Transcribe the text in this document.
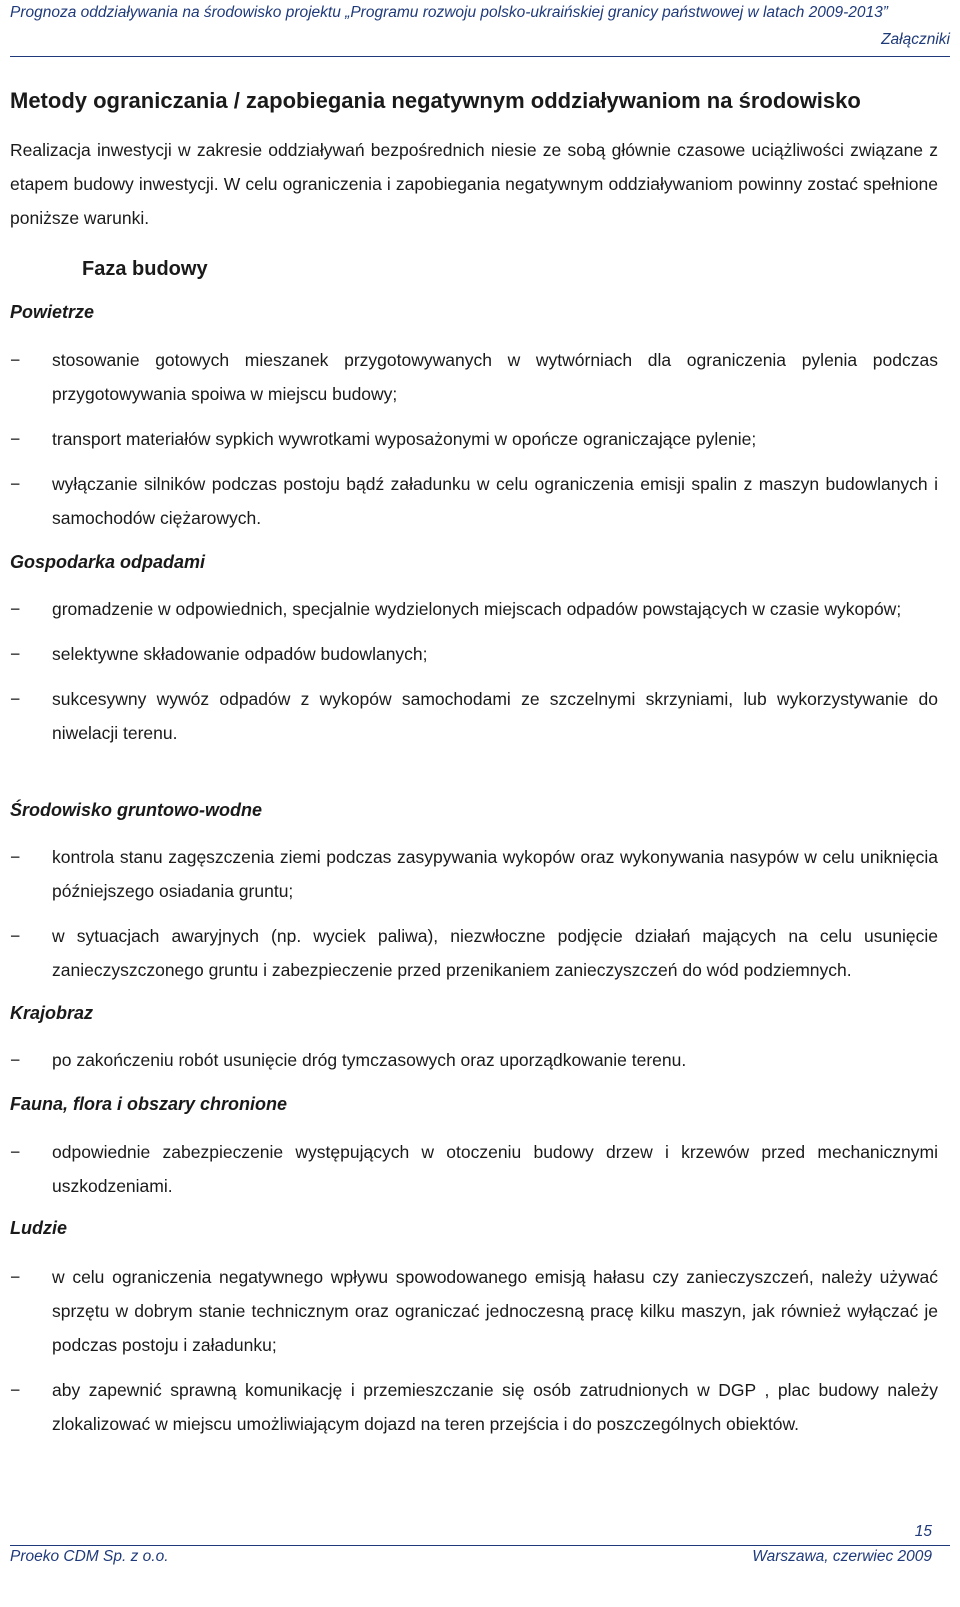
Prognoza oddziaływania na środowisko projektu „Programu rozwoju polsko-ukraińskiej granicy państwowej w latach 2009-2013”
Załączniki
Metody ograniczania / zapobiegania negatywnym oddziaływaniom na środowisko

Realizacja inwestycji w zakresie oddziaływań bezpośrednich niesie ze sobą głównie czasowe uciążliwości związane z etapem budowy inwestycji. W celu ograniczenia i zapobiegania negatywnym oddziaływaniom powinny zostać spełnione poniższe warunki.

Faza budowy
Powietrze
− stosowanie gotowych mieszanek przygotowywanych w wytwórniach dla ograniczenia pylenia podczas przygotowywania spoiwa w miejscu budowy;
− transport materiałów sypkich wywrotkami wyposażonymi w opończe ograniczające pylenie;
− wyłączanie silników podczas postoju bądź załadunku w celu ograniczenia emisji spalin z maszyn budowlanych i samochodów ciężarowych.
Gospodarka odpadami
− gromadzenie w odpowiednich, specjalnie wydzielonych miejscach odpadów powstających w czasie wykopów;
− selektywne składowanie odpadów budowlanych;
− sukcesywny wywóz odpadów z wykopów samochodami ze szczelnymi skrzyniami, lub wykorzystywanie do niwelacji terenu.
Środowisko gruntowo-wodne
− kontrola stanu zagęszczenia ziemi podczas zasypywania wykopów oraz wykonywania nasypów w celu uniknięcia późniejszego osiadania gruntu;
− w sytuacjach awaryjnych (np. wyciek paliwa), niezwłoczne podjęcie działań mających na celu usunięcie zanieczyszczonego gruntu i zabezpieczenie przed przenikaniem zanieczyszczeń do wód podziemnych.
Krajobraz
− po zakończeniu robót usunięcie dróg tymczasowych oraz uporządkowanie terenu.
Fauna, flora i obszary chronione
− odpowiednie zabezpieczenie występujących w otoczeniu budowy drzew i krzewów przed mechanicznymi uszkodzeniami.
Ludzie
− w celu ograniczenia negatywnego wpływu spowodowanego emisją hałasu czy zanieczyszczeń, należy używać sprzętu w dobrym stanie technicznym oraz ograniczać jednoczesną pracę kilku maszyn, jak również wyłączać je podczas postoju i załadunku;
− aby zapewnić sprawną komunikację i przemieszczanie się osób zatrudnionych w DGP , plac budowy należy zlokalizować w miejscu umożliwiającym dojazd na teren przejścia i do poszczególnych obiektów.
15
Proeko CDM Sp. z o.o.	Warszawa, czerwiec 2009
